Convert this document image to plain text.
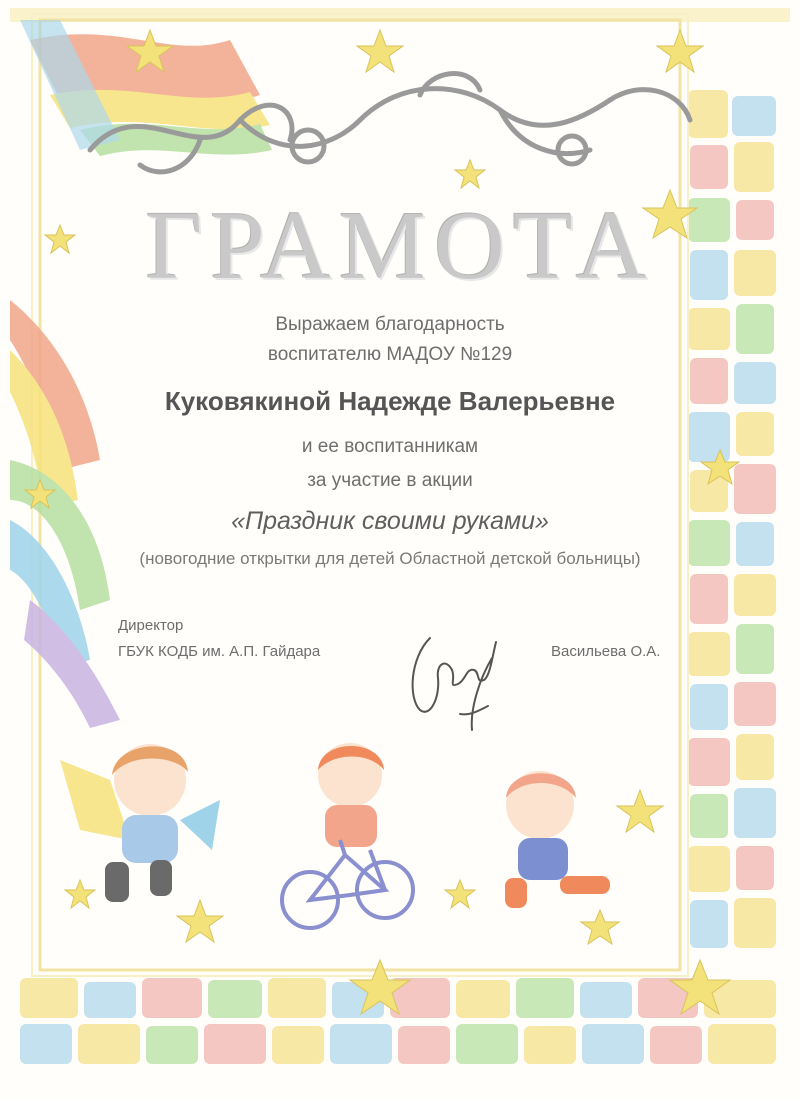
ГРАМОТА
Выражаем благодарность
воспитателю МАДОУ №129
Куковякиной Надежде Валерьевне
и ее воспитанникам
за участие в акции
«Праздник своими руками»
(новогодние открытки для детей Областной детской больницы)
Директор
ГБУК КОДБ им. А.П. Гайдара	Васильева О.А.
